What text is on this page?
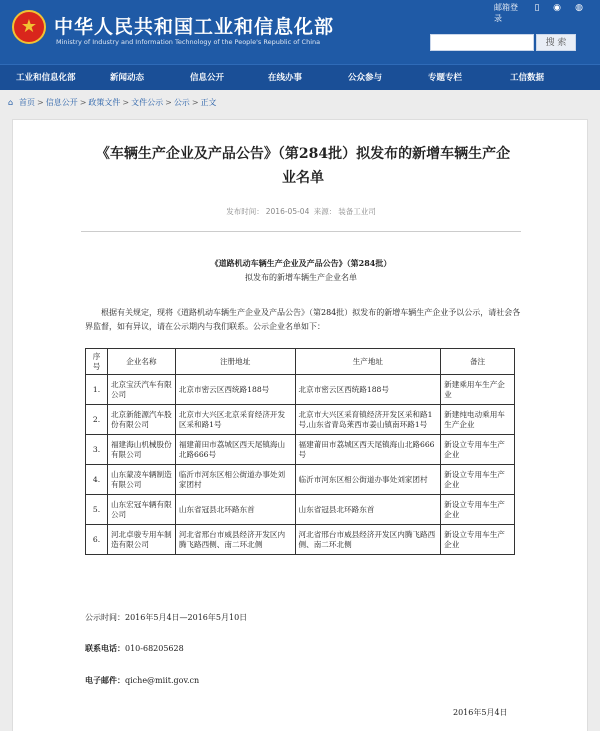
★ 中华人民共和国工业和信息化部
Ministry of Industry and Information Technology of the People's Republic of China
邮箱登
录
▯ ◉ ◍
搜 索
工业和信息化部	新闻动态	信息公开	在线办事	公众参与	专题专栏	工信数据
⌂ 首页 > 信息公开 > 政策文件 > 文件公示 > 公示 > 正文
《车辆生产企业及产品公告》（第284批）拟发布的新增车辆生产企业名单
发布时间： 2016-05-04 来源： 装备工业司
《道路机动车辆生产企业及产品公告》（第284批）
拟发布的新增车辆生产企业名单
根据有关规定，现将《道路机动车辆生产企业及产品公告》（第284批）拟发布的新增车辆生产企业予以公示，请社会各界监督，如有异议，请在公示期内与我们联系。公示企业名单如下：
序号	企业名称	注册地址	生产地址	备注
1.	北京宝沃汽车有限公司	北京市密云区西统路188号	北京市密云区西统路188号	新建乘用车生产企业
2.	北京新能源汽车股份有限公司	北京市大兴区北京采育经济开发区采和路1号	北京市大兴区采育镇经济开发区采和路1号,山东省青岛莱西市姜山镇南环路1号	新建纯电动乘用车生产企业
3.	福建海山机械股份有限公司	福建莆田市荔城区西天尾镇海山北路666号	福建莆田市荔城区西天尾镇海山北路666号	新设立专用车生产企业
4.	山东蒙凌车辆制造有限公司	临沂市河东区相公街道办事处刘家团村	临沂市河东区相公街道办事处刘家团村	新设立专用车生产企业
5.	山东宏冠车辆有限公司	山东省冠县北环路东首	山东省冠县北环路东首	新设立专用车生产企业
6.	河北卓骏专用车制造有限公司	河北省邢台市威县经济开发区内腾飞路西侧、南二环北侧	河北省邢台市威县经济开发区内腾飞路西侧、南二环北侧	新设立专用车生产企业
公示时间：2016年5月4日—2016年5月10日
联系电话：010-68205628
电子邮件：qiche@miit.gov.cn
2016年5月4日
